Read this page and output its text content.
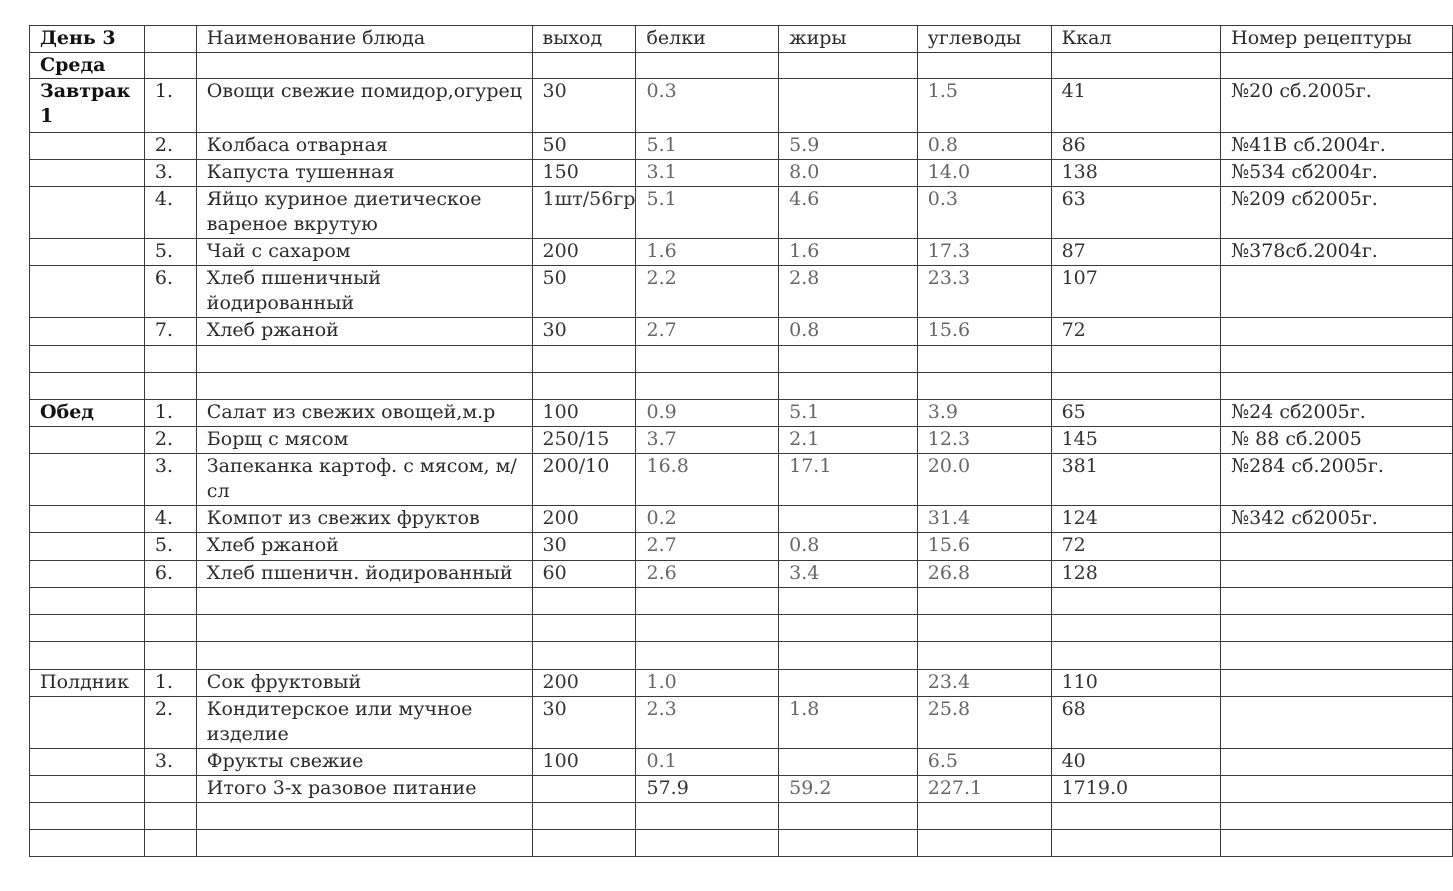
День 3		Наименование блюда	выход	белки	жиры	углеводы	Ккал	Номер рецептуры
Среда								
Завтрак 1	1.	Овощи свежие помидор,огурец	30	0.3		1.5	41	№20 сб.2005г.
	2.	Колбаса отварная	50	5.1	5.9	0.8	86	№41В сб.2004г.
	3.	Капуста тушенная	150	3.1	8.0	14.0	138	№534 сб2004г.
	4.	Яйцо куриное диетическое вареное вкрутую	1шт/56гр	5.1	4.6	0.3	63	№209 сб2005г.
	5.	Чай с сахаром	200	1.6	1.6	17.3	87	№378сб.2004г.
	6.	Хлеб пшеничный йодированный	50	2.2	2.8	23.3	107	
	7.	Хлеб ржаной	30	2.7	0.8	15.6	72	

Обед	1.	Салат из свежих овощей,м.р	100	0.9	5.1	3.9	65	№24 сб2005г.
	2.	Борщ с мясом	250/15	3.7	2.1	12.3	145	№ 88 сб.2005
	3.	Запеканка картоф. с мясом, м/сл	200/10	16.8	17.1	20.0	381	№284 сб.2005г.
	4.	Компот из свежих фруктов	200	0.2		31.4	124	№342 сб2005г.
	5.	Хлеб ржаной	30	2.7	0.8	15.6	72	
	6.	Хлеб пшеничн. йодированный	60	2.6	3.4	26.8	128	

Полдник	1.	Сок фруктовый	200	1.0		23.4	110	
	2.	Кондитерское или мучное изделие	30	2.3	1.8	25.8	68	
	3.	Фрукты свежие	100	0.1		6.5	40	
		Итого 3-х разовое питание		57.9	59.2	227.1	1719.0	
